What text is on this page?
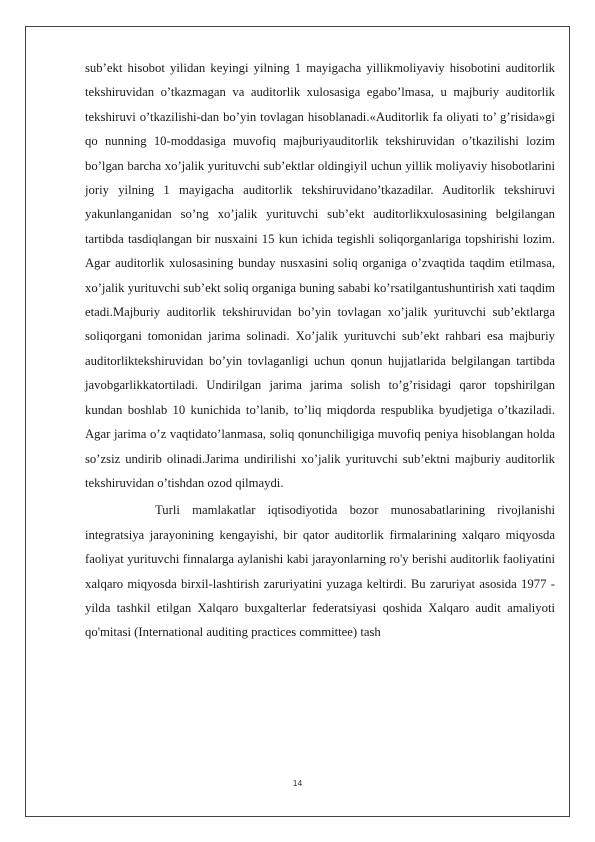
sub’ekt hisobot yilidan keyingi yilning 1 mayigacha yillikmoliyaviy hisobotini auditorlik tekshiruvidan o’tkazmagan va auditorlik xulosasiga egabo’lmasa, u majburiy auditorlik tekshiruvi o’tkazilishi-dan bo’yin tovlagan hisoblanadi.«Auditorlik fa oliyati to’ g’risida»gi qo nunning 10-moddasiga muvofiq majburiyauditorlik tekshiruvidan o’tkazilishi lozim bo’lgan barcha xo’jalik yurituvchi sub’ektlar oldingiyil uchun yillik moliyaviy hisobotlarini joriy yilning 1 mayigacha auditorlik tekshiruvidano’tkazadilar. Auditorlik tekshiruvi yakunlanganidan so’ng xo’jalik yurituvchi sub’ekt auditorlikxulosasining belgilangan tartibda tasdiqlangan bir nusxaini 15 kun ichida tegishli soliqorganlariga topshirishi lozim. Agar auditorlik xulosasining bunday nusxasini soliq organiga o’zvaqtida taqdim etilmasa, xo’jalik yurituvchi sub’ekt soliq organiga buning sababi ko’rsatilgantushuntirish xati taqdim etadi.Majburiy auditorlik tekshiruvidan bo’yin tovlagan xo’jalik yurituvchi sub’ektlarga soliqorgani tomonidan jarima solinadi. Xo’jalik yurituvchi sub’ekt rahbari esa majburiy auditorliktekshiruvidan bo’yin tovlaganligi uchun qonun hujjatlarida belgilangan tartibda javobgarlikkatortiladi. Undirilgan jarima jarima solish to’g’risidagi qaror topshirilgan kundan boshlab 10 kunichida to’lanib, to’liq miqdorda respublika byudjetiga o’tkaziladi. Agar jarima o’z vaqtidato’lanmasa, soliq qonunchiligiga muvofiq peniya hisoblangan holda so’zsiz undirib olinadi.Jarima undirilishi xo’jalik yurituvchi sub’ektni majburiy auditorlik tekshiruvidan o’tishdan ozod qilmaydi.

Turli mamlakatlar iqtisodiyotida bozor munosabatlarining rivojlanishi integratsiya jarayonining kengayishi, bir qator auditorlik firmalarining xalqaro miqyosda faoliyat yurituvchi finnalarga aylanishi kabi jarayonlarning ro'y berishi auditorlik faoliyatini xalqaro miqyosda birxil-lashtirish zaruriyatini yuzaga keltirdi. Bu zaruriyat asosida 1977 -yilda tashkil etilgan Xalqaro buxgalterlar federatsiyasi qoshida Xalqaro audit amaliyoti qo'mitasi (International auditing practices committee) tash

14
